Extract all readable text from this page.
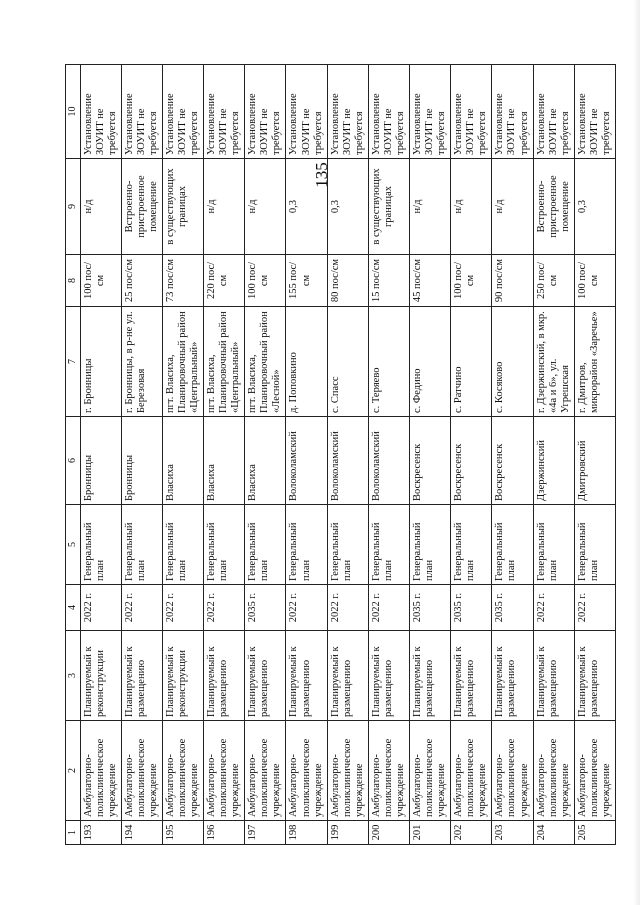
135
1	2	3	4	5	6	7	8	9	10
193	Амбулаторно-поликлиническое учреждение	Планируемый к реконструкции	2022 г.	Генеральный план	Бронницы	г. Бронницы	100 пос/см	н/д	Установление ЗОУИТ не требуется
194	Амбулаторно-поликлиническое учреждение	Планируемый к размещению	2022 г.	Генеральный план	Бронницы	г. Бронницы, в р-не ул. Березовая	25 пос/см	Встроенно-пристроенное помещение	Установление ЗОУИТ не требуется
195	Амбулаторно-поликлиническое учреждение	Планируемый к реконструкции	2022 г.	Генеральный план	Власиха	пгт. Власиха, Планировочный район «Центральный»	73 пос/см	в существующих границах	Установление ЗОУИТ не требуется
196	Амбулаторно-поликлиническое учреждение	Планируемый к размещению	2022 г.	Генеральный план	Власиха	пгт. Власиха, Планировочный район «Центральный»	220 пос/см	н/д	Установление ЗОУИТ не требуется
197	Амбулаторно-поликлиническое учреждение	Планируемый к размещению	2035 г.	Генеральный план	Власиха	пгт. Власиха, Планировочный район «Лесной»	100 пос/см	н/д	Установление ЗОУИТ не требуется
198	Амбулаторно-поликлиническое учреждение	Планируемый к размещению	2022 г.	Генеральный план	Волоколамский	д. Поповкино	155 пос/см	0,3	Установление ЗОУИТ не требуется
199	Амбулаторно-поликлиническое учреждение	Планируемый к размещению	2022 г.	Генеральный план	Волоколамский	с. Спасс	80 пос/см	0,3	Установление ЗОУИТ не требуется
200	Амбулаторно-поликлиническое учреждение	Планируемый к размещению	2022 г.	Генеральный план	Волоколамский	с. Теряево	15 пос/см	в существующих границах	Установление ЗОУИТ не требуется
201	Амбулаторно-поликлиническое учреждение	Планируемый к размещению	2035 г.	Генеральный план	Воскресенск	с. Федино	45 пос/см	н/д	Установление ЗОУИТ не требуется
202	Амбулаторно-поликлиническое учреждение	Планируемый к размещению	2035 г.	Генеральный план	Воскресенск	с. Ратчино	100 пос/см	н/д	Установление ЗОУИТ не требуется
203	Амбулаторно-поликлиническое учреждение	Планируемый к размещению	2035 г.	Генеральный план	Воскресенск	с. Косяково	90 пос/см	н/д	Установление ЗОУИТ не требуется
204	Амбулаторно-поликлиническое учреждение	Планируемый к размещению	2022 г.	Генеральный план	Дзержинский	г. Дзержинский, в мкр. «4а и 6», ул. Угрешская	250 пос/см	Встроенно-пристроенное помещение	Установление ЗОУИТ не требуется
205	Амбулаторно-поликлиническое учреждение	Планируемый к размещению	2022 г.	Генеральный план	Дмитровский	г. Дмитров, микрорайон «Заречье»	100 пос/см	0,3	Установление ЗОУИТ не требуется
